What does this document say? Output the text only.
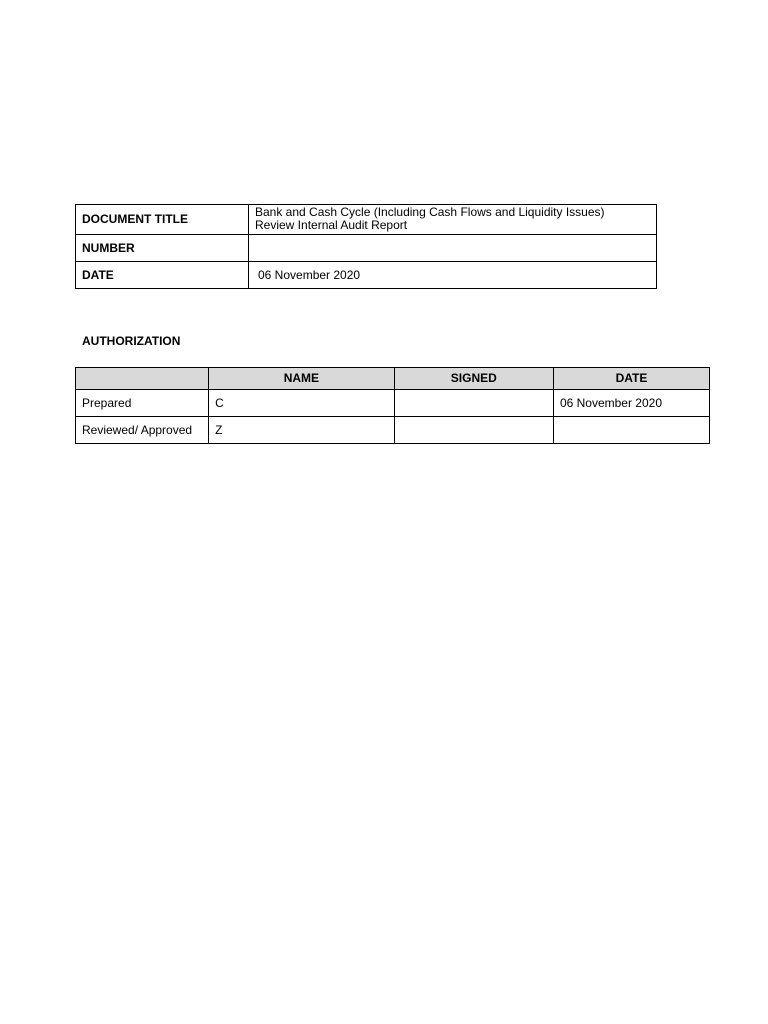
DOCUMENT TITLE	Bank and Cash Cycle (Including Cash Flows and Liquidity Issues)
Review Internal Audit Report

NUMBER	
DATE	06 November 2020
AUTHORIZATION
	NAME	SIGNED	DATE
Prepared	C		06 November 2020
Reviewed/ Approved	Z		
